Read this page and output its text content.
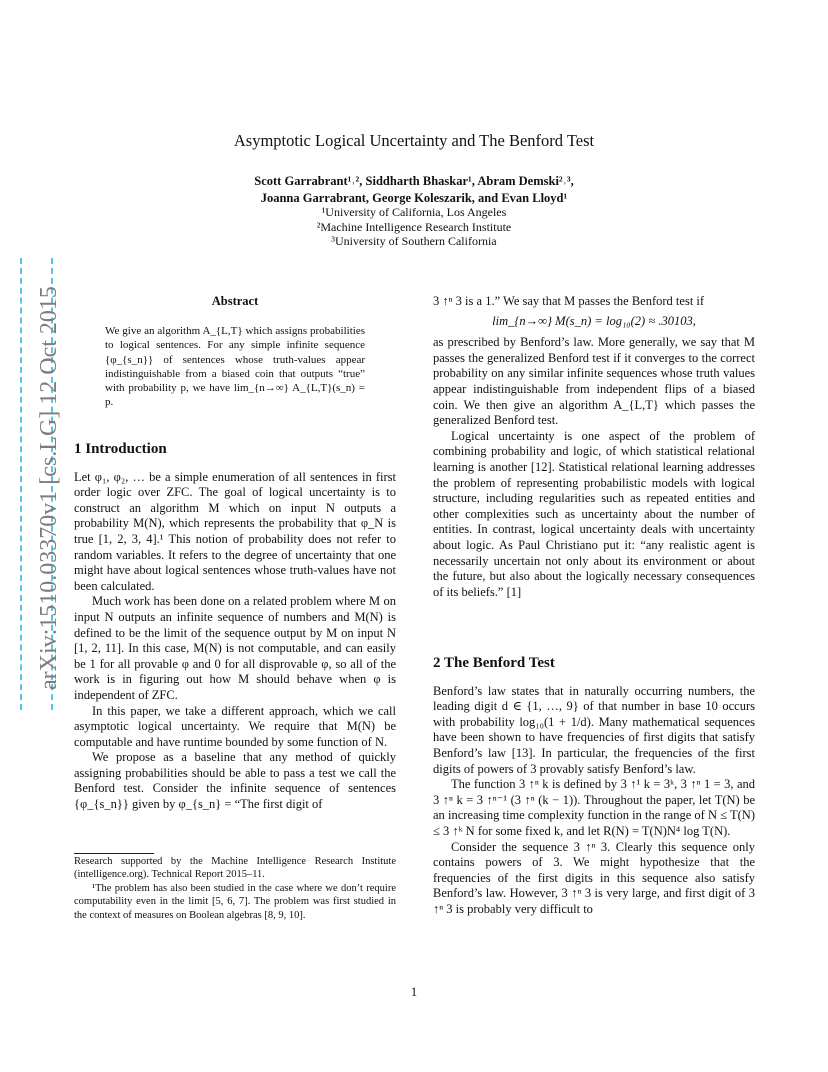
arXiv:1510.03370v1 [cs.LG] 12 Oct 2015
Asymptotic Logical Uncertainty and The Benford Test
Scott Garrabrant¹˒², Siddharth Bhaskar¹, Abram Demski²˒³,
Joanna Garrabrant, George Koleszarik, and Evan Lloyd¹
¹University of California, Los Angeles
²Machine Intelligence Research Institute
³University of Southern California
Abstract
We give an algorithm A_{L,T} which assigns probabilities to logical sentences. For any simple infinite sequence {φ_{s_n}} of sentences whose truth-values appear indistinguishable from a biased coin that outputs “true” with probability p, we have lim_{n→∞} A_{L,T}(s_n) = p.
1 Introduction

Let φ₁, φ₂, … be a simple enumeration of all sentences in first order logic over ZFC. The goal of logical uncertainty is to construct an algorithm M which on input N outputs a probability M(N), which represents the probability that φ_N is true [1, 2, 3, 4].¹ This notion of probability does not refer to random variables. It refers to the degree of uncertainty that one might have about logical sentences whose truth-values have not been calculated.

Much work has been done on a related problem where M on input N outputs an infinite sequence of numbers and M(N) is defined to be the limit of the sequence output by M on input N [1, 2, 11]. In this case, M(N) is not computable, and can easily be 1 for all provable φ and 0 for all disprovable φ, so all of the work is in figuring out how M should behave when φ is independent of ZFC.

In this paper, we take a different approach, which we call asymptotic logical uncertainty. We require that M(N) be computable and have runtime bounded by some function of N.

We propose as a baseline that any method of quickly assigning probabilities should be able to pass a test we call the Benford test. Consider the infinite sequence of sentences {φ_{s_n}} given by φ_{s_n} = “The first digit of

Research supported by the Machine Intelligence Research Institute (intelligence.org). Technical Report 2015–11.

¹The problem has also been studied in the case where we don’t require computability even in the limit [5, 6, 7]. The problem was first studied in the context of measures on Boolean algebras [8, 9, 10].

3 ↑ⁿ 3 is a 1.” We say that M passes the Benford test if

lim_{n→∞} M(s_n) = log₁₀(2) ≈ .30103,

as prescribed by Benford’s law. More generally, we say that M passes the generalized Benford test if it converges to the correct probability on any similar infinite sequences whose truth values appear indistinguishable from independent flips of a biased coin. We then give an algorithm A_{L,T} which passes the generalized Benford test.

Logical uncertainty is one aspect of the problem of combining probability and logic, of which statistical relational learning is another [12]. Statistical relational learning addresses the problem of representing probabilistic models with logical structure, including regularities such as repeated entities and other complexities such as uncertainty about the number of entities. In contrast, logical uncertainty deals with uncertainty about logic. As Paul Christiano put it: “any realistic agent is necessarily uncertain not only about its environment or about the future, but also about the logically necessary consequences of its beliefs.” [1]

2 The Benford Test

Benford’s law states that in naturally occurring numbers, the leading digit d ∈ {1, …, 9} of that number in base 10 occurs with probability log₁₀(1 + 1/d). Many mathematical sequences have been shown to have frequencies of first digits that satisfy Benford’s law [13]. In particular, the frequencies of the first digits of powers of 3 provably satisfy Benford’s law.

The function 3 ↑ⁿ k is defined by 3 ↑¹ k = 3ᵏ, 3 ↑ⁿ 1 = 3, and 3 ↑ⁿ k = 3 ↑ⁿ⁻¹ (3 ↑ⁿ (k − 1)). Throughout the paper, let T(N) be an increasing time complexity function in the range of N ≤ T(N) ≤ 3 ↑ᵏ N for some fixed k, and let R(N) = T(N)N⁴ log T(N).

Consider the sequence 3 ↑ⁿ 3. Clearly this sequence only contains powers of 3. We might hypothesize that the frequencies of the first digits in this sequence also satisfy Benford’s law. However, 3 ↑ⁿ 3 is very large, and first digit of 3 ↑ⁿ 3 is probably very difficult to

1
